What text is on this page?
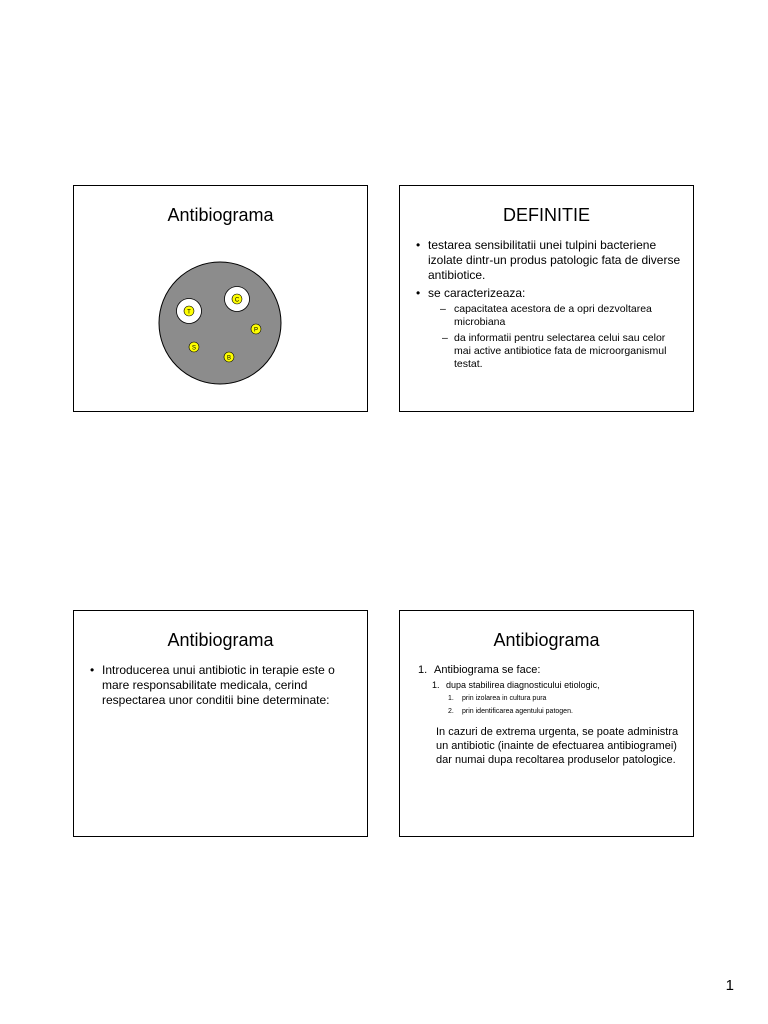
Antibiograma
T
C
P
S
B
DEFINITIE
• testarea sensibilitatii unei tulpini bacteriene izolate dintr-un produs patologic fata de diverse antibiotice.
• se caracterizeaza:
– capacitatea acestora de a opri dezvoltarea microbiana
– da informatii pentru selectarea celui sau celor mai active antibiotice fata de microorganismul testat.
Antibiograma
• Introducerea unui antibiotic in terapie este o mare responsabilitate medicala, cerind respectarea unor conditii bine determinate:
Antibiograma
1. Antibiograma se face:
1. dupa stabilirea diagnosticului etiologic,
1. prin izolarea in cultura pura
2. prin identificarea agentului patogen.
In cazuri de extrema urgenta, se poate administra un antibiotic (inainte de efectuarea antibiogramei) dar numai dupa recoltarea produselor patologice.
1
